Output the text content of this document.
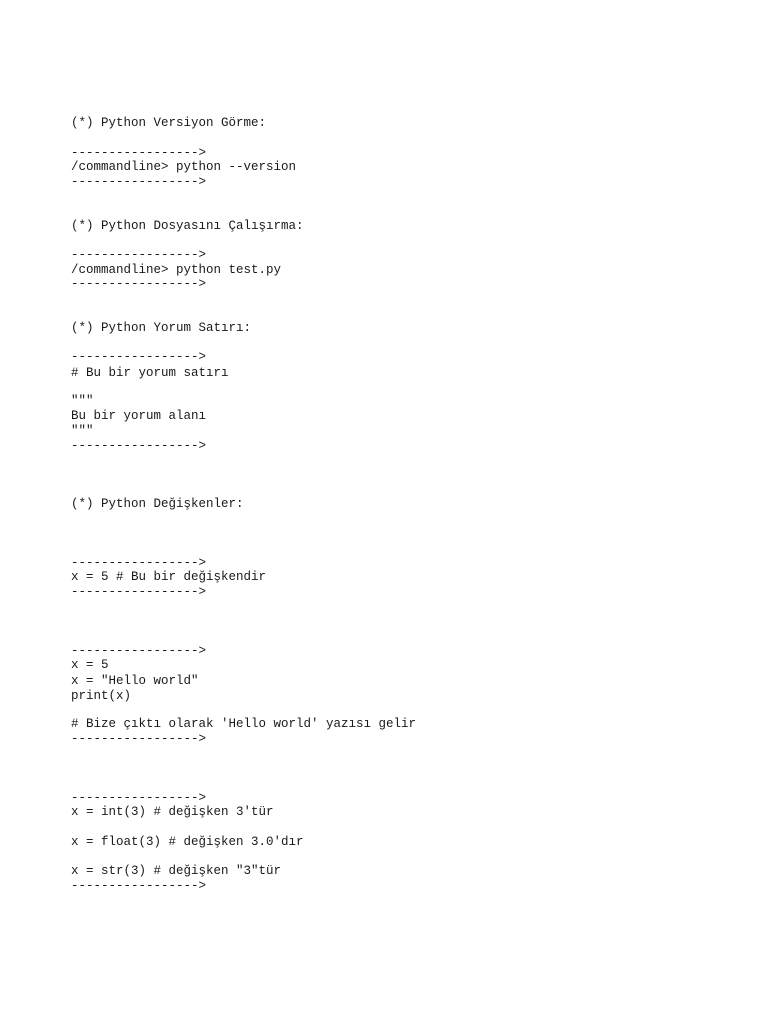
(*) Python Versiyon Görme:

----------------->

/commandline> python --version

----------------->

(*) Python Dosyasını Çalışırma:

----------------->

/commandline> python test.py

----------------->

(*) Python Yorum Satırı:

----------------->

# Bu bir yorum satırı

"""

Bu bir yorum alanı

"""

----------------->

(*) Python Değişkenler:

----------------->

x = 5 # Bu bir değişkendir

----------------->

----------------->

x = 5

x = "Hello world"

print(x)

# Bize çıktı olarak 'Hello world' yazısı gelir

----------------->

----------------->

x = int(3) # değişken 3'tür

x = float(3) # değişken 3.0'dır

x = str(3) # değişken "3"tür

----------------->
